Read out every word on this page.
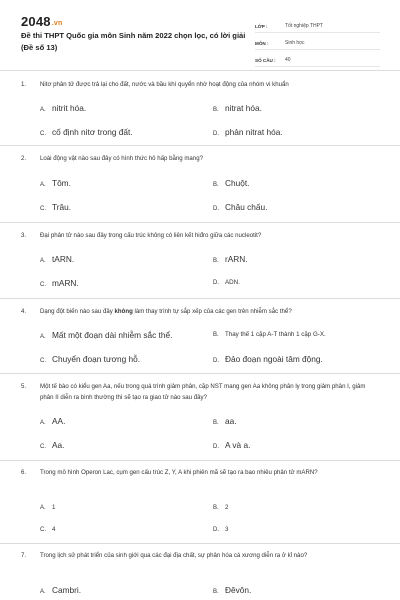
2048.vn
Đề thi THPT Quốc gia môn Sinh năm 2022 chọn lọc, có lời giải (Đề số 13)
LỚP :	Tốt nghiệp THPT
MÔN :	Sinh học
SỐ CÂU :	40
1.	Nitơ phân tử được trả lại cho đất, nước và bầu khí quyển nhờ hoạt động của nhóm vi khuẩn
A. nitrit hóa.	B. nitrat hóa.
C. cố định nitơ trong đất.	D. phản nitrat hóa.
2.	Loài động vật nào sau đây có hình thức hô hấp bằng mang?
A. Tôm.	B. Chuột.
C. Trâu.	D. Châu chấu.
3.	Đại phân tử nào sau đây trong cấu trúc không có liên kết hiđro giữa các nucleotit?
A. tARN.	B. rARN.
C. mARN.	D. ADN.
4.	Dạng đột biến nào sau đây không làm thay trình tự sắp xếp của các gen trên nhiễm sắc thể?
A. Mất một đoạn dài nhiễm sắc thể.	B.	Thay thế 1 cặp A-T thành 1 cặp G-X.
C. Chuyển đoạn tương hỗ.	D. Đảo đoạn ngoài tâm động.
5.	Một tế bào có kiểu gen Aa, nếu trong quá trình giảm phân, cặp NST mang gen Aa không phân ly trong giảm phân I, giảm phân II diễn ra bình thường thì sẽ tạo ra giao tử nào sau đây?
A. AA.	B. aa.
C. Aa.	D. A và a.
6.	Trong mô hình Operon Lac, cụm gen cấu trúc Z, Y, A khi phiên mã sẽ tạo ra bao nhiêu phân tử mARN?
A.	1	B.	2
C. 4	D. 3
7.	Trong lịch sử phát triển của sinh giới qua các đại địa chất, sự phân hóa cá xương diễn ra ở kỉ nào?
A. Cambri.	B. Đêvôn.
